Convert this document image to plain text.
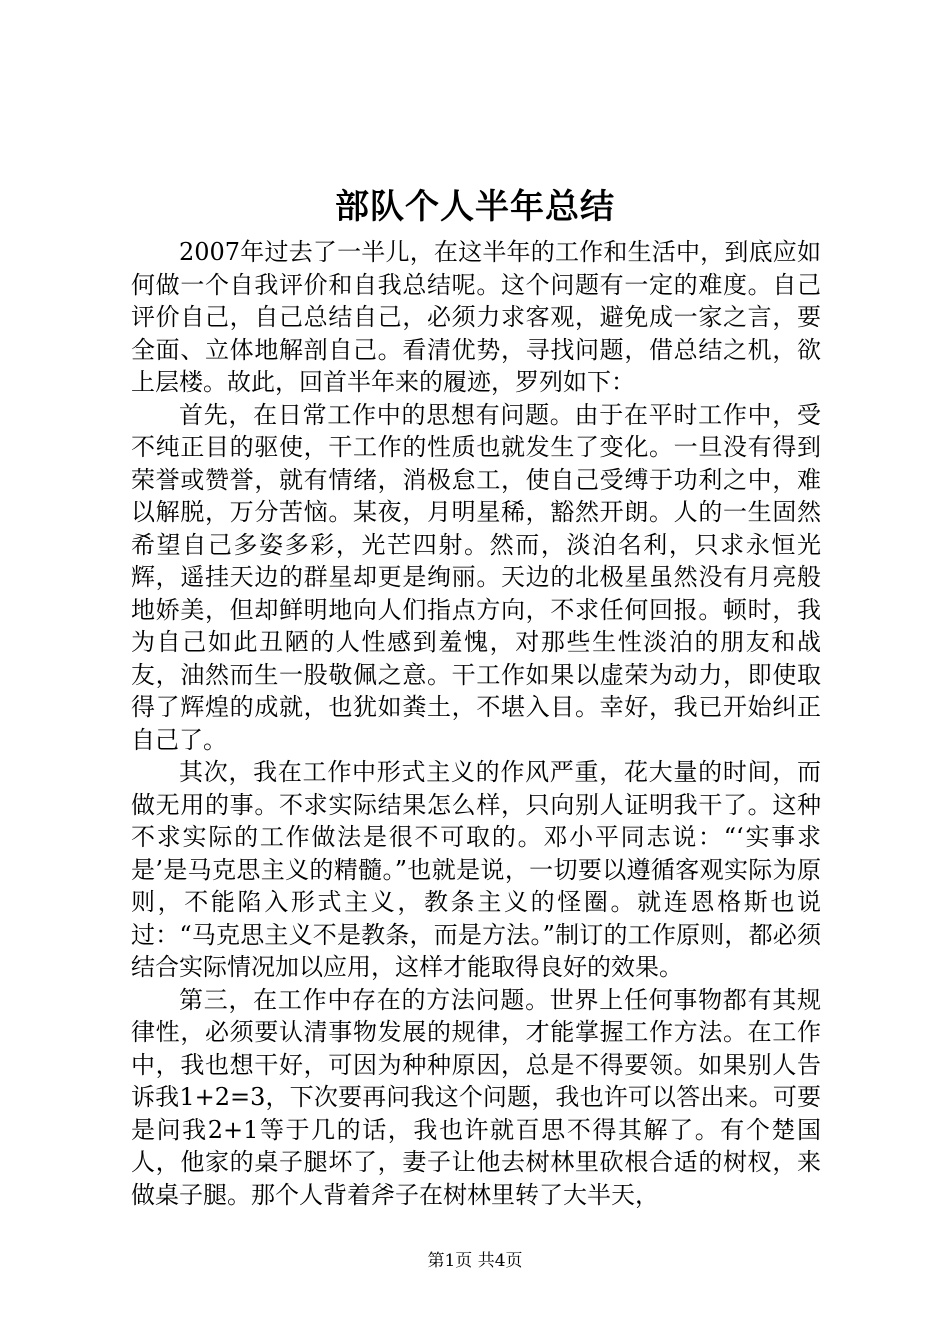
部队个人半年总结

2007年过去了一半儿，在这半年的工作和生活中，到底应如何做一个自我评价和自我总结呢。这个问题有一定的难度。自己评价自己，自己总结自己，必须力求客观，避免成一家之言，要全面、立体地解剖自己。看清优势，寻找问题，借总结之机，欲上层楼。故此，回首半年来的履迹，罗列如下：

首先，在日常工作中的思想有问题。由于在平时工作中，受不纯正目的驱使，干工作的性质也就发生了变化。一旦没有得到荣誉或赞誉，就有情绪，消极怠工，使自己受缚于功利之中，难以解脱，万分苦恼。某夜，月明星稀，豁然开朗。人的一生固然希望自己多姿多彩，光芒四射。然而，淡泊名利，只求永恒光辉，遥挂天边的群星却更是绚丽。天边的北极星虽然没有月亮般地娇美，但却鲜明地向人们指点方向，不求任何回报。顿时，我为自己如此丑陋的人性感到羞愧，对那些生性淡泊的朋友和战友，油然而生一股敬佩之意。干工作如果以虚荣为动力，即使取得了辉煌的成就，也犹如粪土，不堪入目。幸好，我已开始纠正自己了。

其次，我在工作中形式主义的作风严重，花大量的时间，而做无用的事。不求实际结果怎么样，只向别人证明我干了。这种不求实际的工作做法是很不可取的。邓小平同志说：“‘实事求是’是马克思主义的精髓。”也就是说，一切要以遵循客观实际为原则，不能陷入形式主义，教条主义的怪圈。就连恩格斯也说过：“马克思主义不是教条，而是方法。”制订的工作原则，都必须结合实际情况加以应用，这样才能取得良好的效果。

第三，在工作中存在的方法问题。世界上任何事物都有其规律性，必须要认清事物发展的规律，才能掌握工作方法。在工作中，我也想干好，可因为种种原因，总是不得要领。如果别人告诉我1+2=3，下次要再问我这个问题，我也许可以答出来。可要是问我2+1等于几的话，我也许就百思不得其解了。有个楚国人，他家的桌子腿坏了，妻子让他去树林里砍根合适的树杈，来做桌子腿。那个人背着斧子在树林里转了大半天，

第1页 共4页
